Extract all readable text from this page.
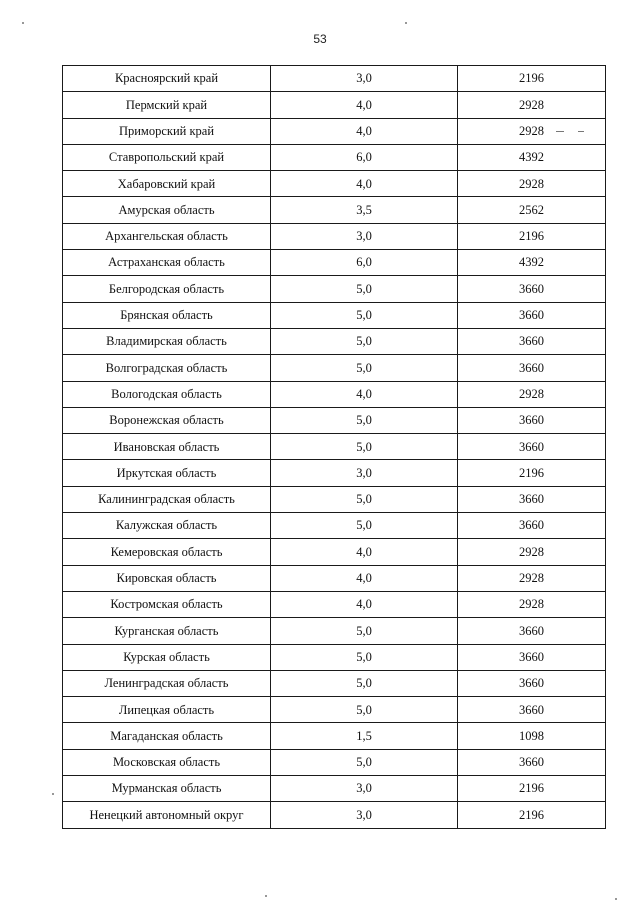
53
Красноярский край	3,0	2196
Пермский край	4,0	2928
Приморский край	4,0	2928
Ставропольский край	6,0	4392
Хабаровский край	4,0	2928
Амурская область	3,5	2562
Архангельская область	3,0	2196
Астраханская область	6,0	4392
Белгородская область	5,0	3660
Брянская область	5,0	3660
Владимирская область	5,0	3660
Волгоградская область	5,0	3660
Вологодская область	4,0	2928
Воронежская область	5,0	3660
Ивановская область	5,0	3660
Иркутская область	3,0	2196
Калининградская область	5,0	3660
Калужская область	5,0	3660
Кемеровская область	4,0	2928
Кировская область	4,0	2928
Костромская область	4,0	2928
Курганская область	5,0	3660
Курская область	5,0	3660
Ленинградская область	5,0	3660
Липецкая область	5,0	3660
Магаданская область	1,5	1098
Московская область	5,0	3660
Мурманская область	3,0	2196
Ненецкий автономный округ	3,0	2196
